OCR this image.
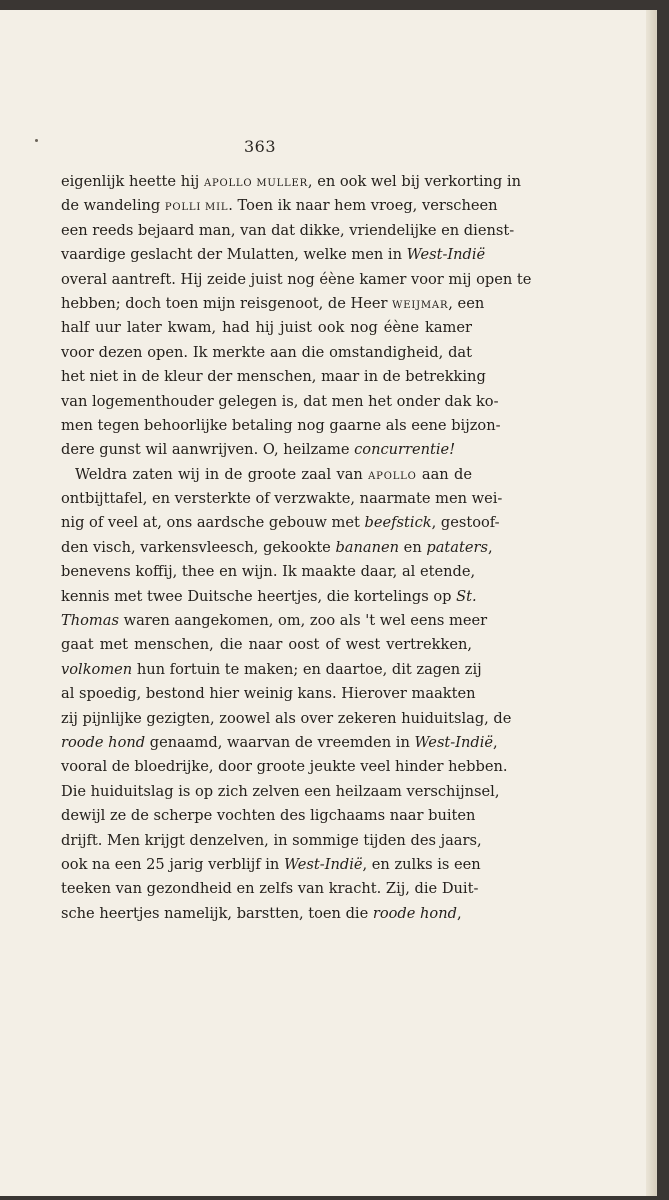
363
eigenlijk heette hij APOLLO MULLER, en ook wel bij verkorting in
de wandeling POLLI MIL. Toen ik naar hem vroeg, verscheen
een reeds bejaard man, van dat dikke, vriendelijke en dienst-
vaardige geslacht der Mulatten, welke men in West-Indië
overal aantreft. Hij zeide juist nog éène kamer voor mij open te
hebben; doch toen mijn reisgenoot, de Heer WEIJMAR, een
half uur later kwam, had hij juist ook nog éène kamer
voor dezen open. Ik merkte aan die omstandigheid, dat
het niet in de kleur der menschen, maar in de betrekking
van logementhouder gelegen is, dat men het onder dak ko-
men tegen behoorlijke betaling nog gaarne als eene bijzon-
dere gunst wil aanwrijven. O, heilzame concurrentie!
Weldra zaten wij in de groote zaal van APOLLO aan de
ontbijttafel, en versterkte of verzwakte, naarmate men wei-
nig of veel at, ons aardsche gebouw met beefstick, gestoof-
den visch, varkensvleesch, gekookte bananen en pataters,
benevens koffij, thee en wijn. Ik maakte daar, al etende,
kennis met twee Duitsche heertjes, die kortelings op St.
Thomas waren aangekomen, om, zoo als 't wel eens meer
gaat met menschen, die naar oost of west vertrekken,
volkomen hun fortuin te maken; en daartoe, dit zagen zij
al spoedig, bestond hier weinig kans. Hierover maakten
zij pijnlijke gezigten, zoowel als over zekeren huiduitslag, de
roode hond genaamd, waarvan de vreemden in West-Indië,
vooral de bloedrijke, door groote jeukte veel hinder hebben.
Die huiduitslag is op zich zelven een heilzaam verschijnsel,
dewijl ze de scherpe vochten des ligchaams naar buiten
drijft. Men krijgt denzelven, in sommige tijden des jaars,
ook na een 25 jarig verblijf in West-Indië, en zulks is een
teeken van gezondheid en zelfs van kracht. Zij, die Duit-
sche heertjes namelijk, barstten, toen die roode hond,
